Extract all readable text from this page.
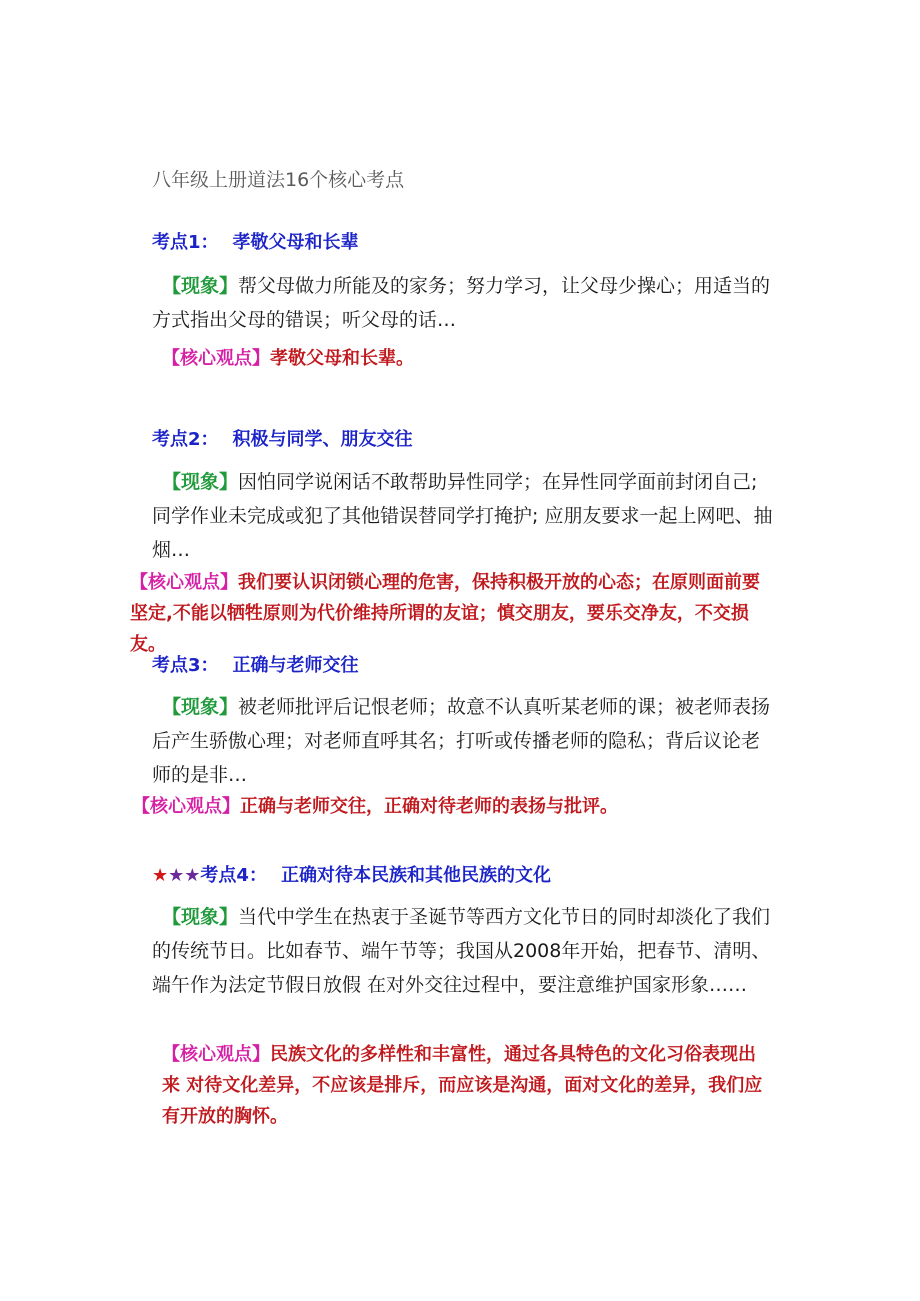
八年级上册道法16个核心考点
考点1： 孝敬父母和长辈
【现象】帮父母做力所能及的家务；努力学习，让父母少操心；用适当的方式指出父母的错误；听父母的话…
【核心观点】孝敬父母和长辈。
考点2： 积极与同学、朋友交往
【现象】因怕同学说闲话不敢帮助异性同学；在异性同学面前封闭自己; 同学作业未完成或犯了其他错误替同学打掩护; 应朋友要求一起上网吧、抽烟…
【核心观点】我们要认识闭锁心理的危害，保持积极开放的心态；在原则面前要坚定,不能以牺牲原则为代价维持所谓的友谊；慎交朋友，要乐交净友，不交损友。
考点3： 正确与老师交往
【现象】被老师批评后记恨老师；故意不认真听某老师的课；被老师表扬后产生骄傲心理；对老师直呼其名；打听或传播老师的隐私；背后议论老师的是非…
【核心观点】正确与老师交往，正确对待老师的表扬与批评。
★★★考点4： 正确对待本民族和其他民族的文化
【现象】当代中学生在热衷于圣诞节等西方文化节日的同时却淡化了我们的传统节日。比如春节、端午节等；我国从2008年开始，把春节、清明、端午作为法定节假日放假 在对外交往过程中，要注意维护国家形象……
【核心观点】民族文化的多样性和丰富性，通过各具特色的文化习俗表现出来 对待文化差异，不应该是排斥，而应该是沟通，面对文化的差异，我们应有开放的胸怀。
